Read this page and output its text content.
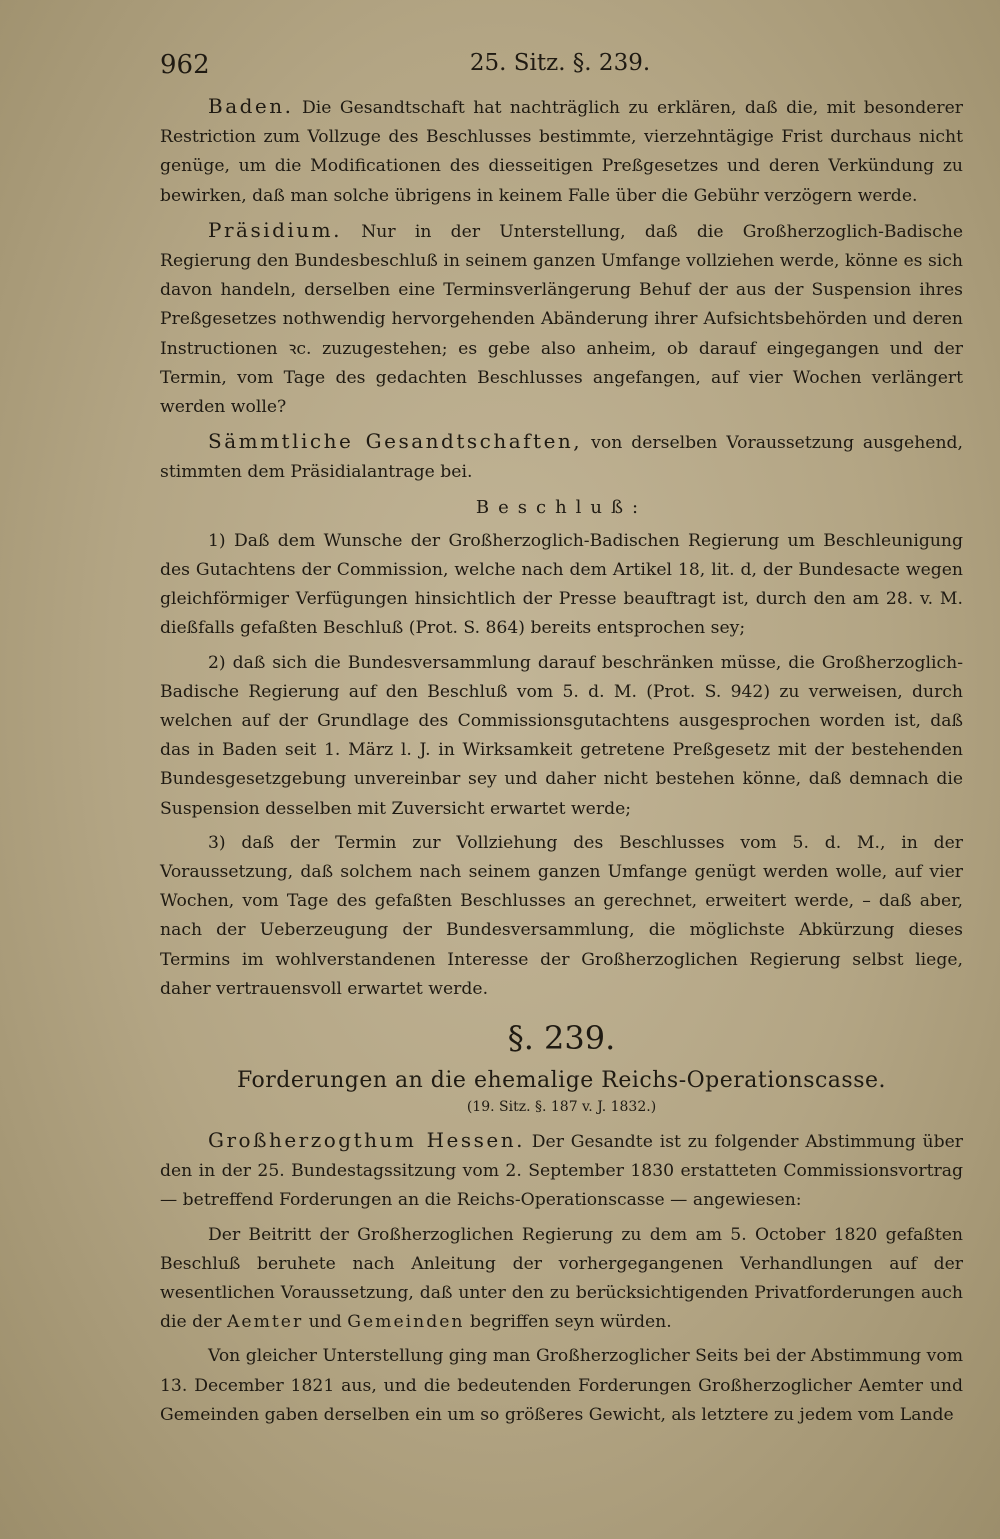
962	25. Sitz. §. 239.

Baden. Die Gesandtschaft hat nachträglich zu erklären, daß die, mit besonderer Restriction zum Vollzuge des Beschlusses bestimmte, vierzehntägige Frist durchaus nicht genüge, um die Modificationen des diesseitigen Preßgesetzes und deren Verkündung zu bewirken, daß man solche übrigens in keinem Falle über die Gebühr verzögern werde.

Präsidium. Nur in der Unterstellung, daß die Großherzoglich-Badische Regierung den Bundesbeschluß in seinem ganzen Umfange vollziehen werde, könne es sich davon handeln, derselben eine Terminsverlängerung Behuf der aus der Suspension ihres Preßgesetzes nothwendig hervorgehenden Abänderung ihrer Aufsichtsbehörden und deren Instructionen ꝛc. zuzugestehen; es gebe also anheim, ob darauf eingegangen und der Termin, vom Tage des gedachten Beschlusses angefangen, auf vier Wochen verlängert werden wolle?

Sämmtliche Gesandtschaften, von derselben Voraussetzung ausgehend, stimmten dem Präsidialantrage bei.

Beschluß:

1) Daß dem Wunsche der Großherzoglich-Badischen Regierung um Beschleunigung des Gutachtens der Commission, welche nach dem Artikel 18, lit. d, der Bundesacte wegen gleichförmiger Verfügungen hinsichtlich der Presse beauftragt ist, durch den am 28. v. M. dießfalls gefaßten Beschluß (Prot. S. 864) bereits entsprochen sey;

2) daß sich die Bundesversammlung darauf beschränken müsse, die Großherzoglich-Badische Regierung auf den Beschluß vom 5. d. M. (Prot. S. 942) zu verweisen, durch welchen auf der Grundlage des Commissionsgutachtens ausgesprochen worden ist, daß das in Baden seit 1. März l. J. in Wirksamkeit getretene Preßgesetz mit der bestehenden Bundesgesetzgebung unvereinbar sey und daher nicht bestehen könne, daß demnach die Suspension desselben mit Zuversicht erwartet werde;

3) daß der Termin zur Vollziehung des Beschlusses vom 5. d. M., in der Voraussetzung, daß solchem nach seinem ganzen Umfange genügt werden wolle, auf vier Wochen, vom Tage des gefaßten Beschlusses an gerechnet, erweitert werde, – daß aber, nach der Ueberzeugung der Bundesversammlung, die möglichste Abkürzung dieses Termins im wohlverstandenen Interesse der Großherzoglichen Regierung selbst liege, daher vertrauensvoll erwartet werde.

§. 239.

Forderungen an die ehemalige Reichs-Operationscasse.

(19. Sitz. §. 187 v. J. 1832.)

Großherzogthum Hessen. Der Gesandte ist zu folgender Abstimmung über den in der 25. Bundestagssitzung vom 2. September 1830 erstatteten Commissionsvortrag — betreffend Forderungen an die Reichs-Operationscasse — angewiesen:

Der Beitritt der Großherzoglichen Regierung zu dem am 5. October 1820 gefaßten Beschluß beruhete nach Anleitung der vorhergegangenen Verhandlungen auf der wesentlichen Voraussetzung, daß unter den zu berücksichtigenden Privatforderungen auch die der Aemter und Gemeinden begriffen seyn würden.

Von gleicher Unterstellung ging man Großherzoglicher Seits bei der Abstimmung vom 13. December 1821 aus, und die bedeutenden Forderungen Großherzoglicher Aemter und Gemeinden gaben derselben ein um so größeres Gewicht, als letztere zu jedem vom Lande
